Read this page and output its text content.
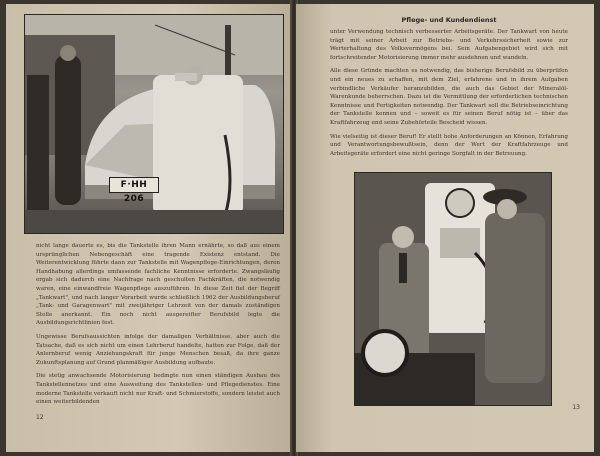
F·HH 206

nicht lange dauerte es, bis die Tankstelle ihren Mann ernährte, so daß aus einem ursprünglichen Nebengeschäft eine tragende Existenz entstand. Die Weiterentwicklung führte dann zur Tankstelle mit Wagenpflege-Einrichtungen, deren Handhabung allerdings umfassende fachliche Kenntnisse erforderte. Zwangsläufig ergab sich dadurch eine Nachfrage nach geschulten Fachkräften, die notwendig waren, eine einwandfreie Wagenpflege auszuführen. In diese Zeit fiel der Begriff „Tankwart", und nach langer Vorarbeit wurde schließlich 1962 der Ausbildungsberuf „Tank- und Garagenwart" mit zweijähriger Lehrzeit von der damals zuständigen Stelle anerkannt. Ein noch nicht ausgereifter Berufsbild legte die Ausbildungsrichtlinien fest.

Ungewisse Berufsaussichten infolge der damaligen Verhältnisse, aber auch die Tatsache, daß es sich nicht um einen Lehrberuf handelte, hatten zur Folge, daß der Anlernberuf wenig Anziehungskraft für junge Menschen besaß, da ihre ganze Zukunftsplanung auf Grund planmäßiger Ausbildung aufbaute.

Die stetig anwachsende Motorisierung bedingte nun einen ständigen Ausbau des Tankstellennetzes und eine Ausweitung des Tankstellen- und Pflegedienstes. Eine moderne Tankstelle verkauft nicht nur Kraft- und Schmierstoffe, sondern leistet auch einen weiterbildenden

12
Pflege- und Kundendienst

unter Verwendung technisch verbesserter Arbeitsgeräte. Der Tankwart von heute trägt mit seiner Arbeit zur Betriebs- und Verkehrssicherheit sowie zur Werterhaltung des Volksvermögens bei. Sein Aufgabengebiet wird sich mit fortschreitender Motorisierung immer mehr ausdehnen und wandeln.

Alle diese Gründe machten es notwendig, das bisherige Berufsbild zu überprüfen und ein neues zu schaffen, mit dem Ziel, erfahrene und in ihrem Aufgaben verbindliche Verkäufer heranzubilden, die auch das Gebiet der Mineralöl-Warenkunde beherrschen. Dazu ist die Vermittlung der erforderlichen technischen Kenntnisse und Fertigkeiten notwendig. Der Tankwart soll die Betriebseinrichtung der Tankstelle kennen und – soweit es für seinen Beruf nötig ist – über das Kraftfahrzeug und seine Zubehörteile Bescheid wissen.

Wie vielseitig ist dieser Beruf! Er stellt hohe Anforderungen an Können, Erfahrung und Verantwortungsbewußtsein, denn der Wert der Kraftfahrzeuge und Arbeitsgeräte erfordert eine nicht geringe Sorgfalt in der Betreuung.

13
